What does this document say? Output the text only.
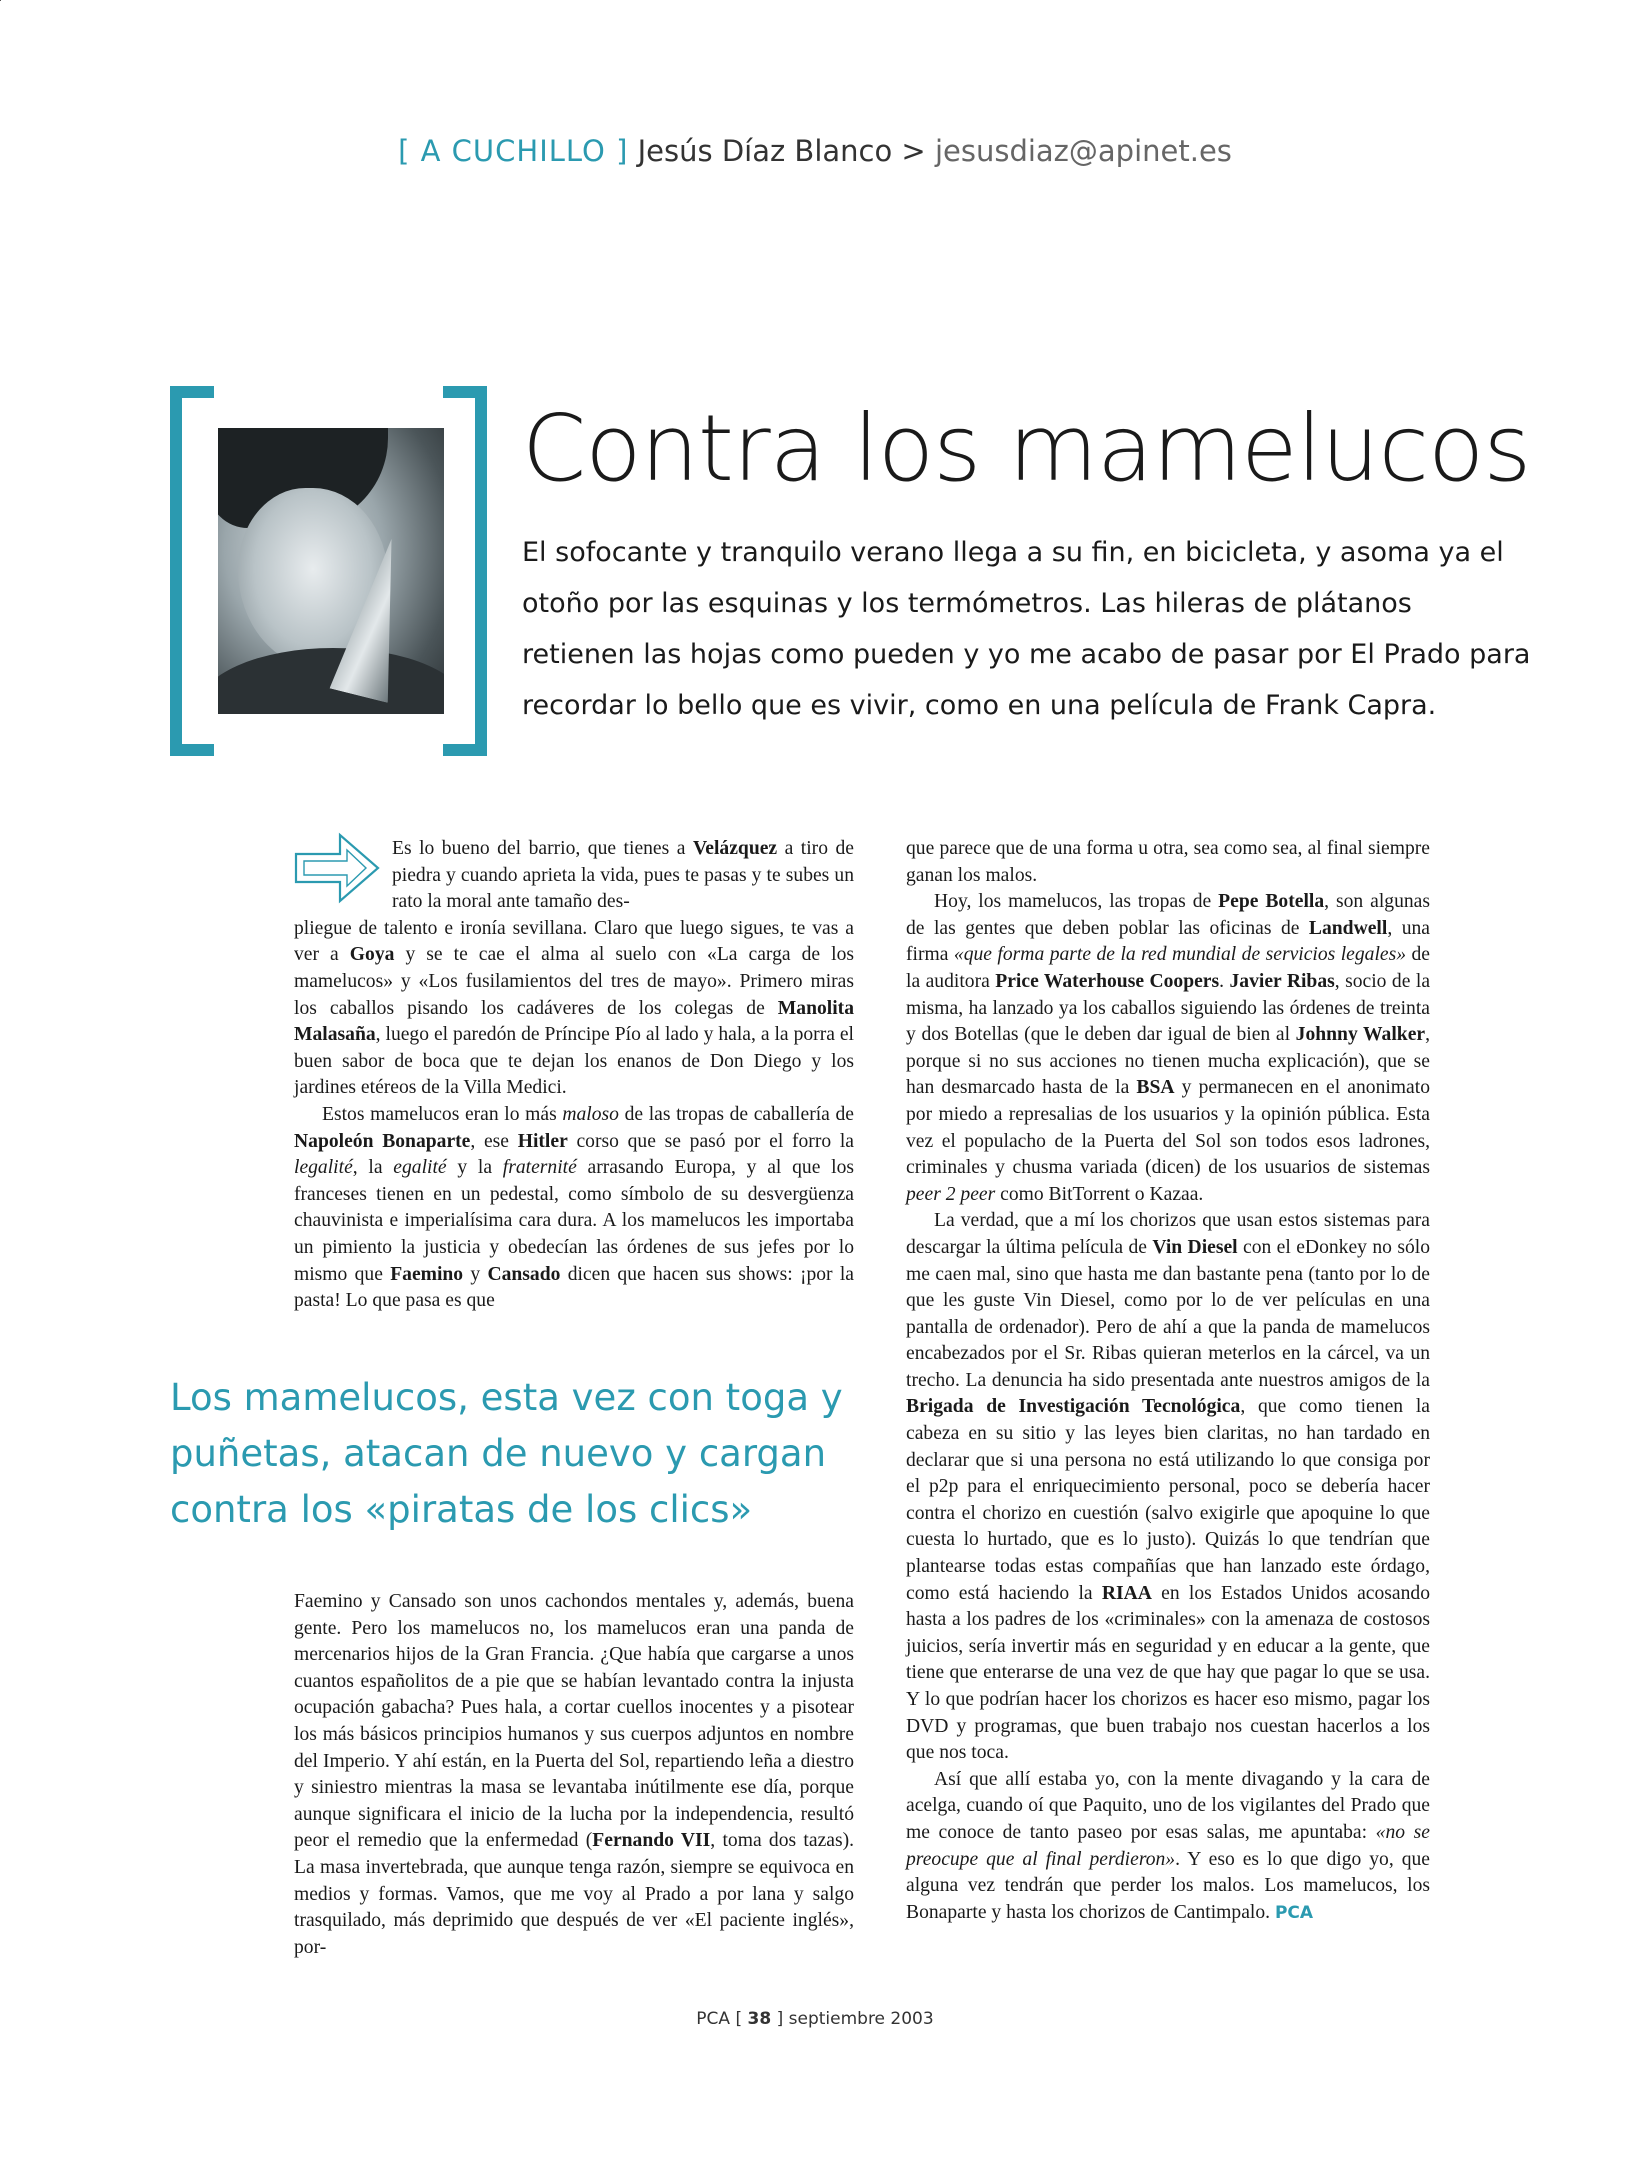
[ A CUCHILLO ] Jesús Díaz Blanco > jesusdiaz@apinet.es
Contra los mamelucos

El sofocante y tranquilo verano llega a su fin, en bicicleta, y asoma ya el otoño por las esquinas y los termómetros. Las hileras de plátanos retienen las hojas como pueden y yo me acabo de pasar por El Prado para recordar lo bello que es vivir, como en una película de Frank Capra.

Es lo bueno del barrio, que tienes a Velázquez a tiro de piedra y cuando aprieta la vida, pues te pasas y te subes un rato la moral ante tamaño des-

pliegue de talento e ironía sevillana. Claro que luego sigues, te vas a ver a Goya y se te cae el alma al suelo con «La carga de los mamelucos» y «Los fusilamientos del tres de mayo». Primero miras los caballos pisando los cadáveres de los colegas de Manolita Malasaña, luego el paredón de Príncipe Pío al lado y hala, a la porra el buen sabor de boca que te dejan los enanos de Don Diego y los jardines etéreos de la Villa Medici.

Estos mamelucos eran lo más maloso de las tropas de caballería de Napoleón Bonaparte, ese Hitler corso que se pasó por el forro la legalité, la egalité y la fraternité arrasando Europa, y al que los franceses tienen en un pedestal, como símbolo de su desvergüenza chauvinista e imperialísima cara dura. A los mamelucos les importaba un pimiento la justicia y obedecían las órdenes de sus jefes por lo mismo que Faemino y Cansado dicen que hacen sus shows: ¡por la pasta! Lo que pasa es que

Los mamelucos, esta vez con toga y puñetas, atacan de nuevo y cargan contra los «piratas de los clics»

Faemino y Cansado son unos cachondos mentales y, además, buena gente. Pero los mamelucos no, los mamelucos eran una panda de mercenarios hijos de la Gran Francia. ¿Que había que cargarse a unos cuantos españolitos de a pie que se habían levantado contra la injusta ocupación gabacha? Pues hala, a cortar cuellos inocentes y a pisotear los más básicos principios humanos y sus cuerpos adjuntos en nombre del Imperio. Y ahí están, en la Puerta del Sol, repartiendo leña a diestro y siniestro mientras la masa se levantaba inútilmente ese día, porque aunque significara el inicio de la lucha por la independencia, resultó peor el remedio que la enfermedad (Fernando VII, toma dos tazas). La masa invertebrada, que aunque tenga razón, siempre se equivoca en medios y formas. Vamos, que me voy al Prado a por lana y salgo trasquilado, más deprimido que después de ver «El paciente inglés», por-

que parece que de una forma u otra, sea como sea, al final siempre ganan los malos.

Hoy, los mamelucos, las tropas de Pepe Botella, son algunas de las gentes que deben poblar las oficinas de Landwell, una firma «que forma parte de la red mundial de servicios legales» de la auditora Price Waterhouse Coopers. Javier Ribas, socio de la misma, ha lanzado ya los caballos siguiendo las órdenes de treinta y dos Botellas (que le deben dar igual de bien al Johnny Walker, porque si no sus acciones no tienen mucha explicación), que se han desmarcado hasta de la BSA y permanecen en el anonimato por miedo a represalias de los usuarios y la opinión pública. Esta vez el populacho de la Puerta del Sol son todos esos ladrones, criminales y chusma variada (dicen) de los usuarios de sistemas peer 2 peer como BitTorrent o Kazaa.

La verdad, que a mí los chorizos que usan estos sistemas para descargar la última película de Vin Diesel con el eDonkey no sólo me caen mal, sino que hasta me dan bastante pena (tanto por lo de que les guste Vin Diesel, como por lo de ver películas en una pantalla de ordenador). Pero de ahí a que la panda de mamelucos encabezados por el Sr. Ribas quieran meterlos en la cárcel, va un trecho. La denuncia ha sido presentada ante nuestros amigos de la Brigada de Investigación Tecnológica, que como tienen la cabeza en su sitio y las leyes bien claritas, no han tardado en declarar que si una persona no está utilizando lo que consiga por el p2p para el enriquecimiento personal, poco se debería hacer contra el chorizo en cuestión (salvo exigirle que apoquine lo que cuesta lo hurtado, que es lo justo). Quizás lo que tendrían que plantearse todas estas compañías que han lanzado este órdago, como está haciendo la RIAA en los Estados Unidos acosando hasta a los padres de los «criminales» con la amenaza de costosos juicios, sería invertir más en seguridad y en educar a la gente, que tiene que enterarse de una vez de que hay que pagar lo que se usa. Y lo que podrían hacer los chorizos es hacer eso mismo, pagar los DVD y programas, que buen trabajo nos cuestan hacerlos a los que nos toca.

Así que allí estaba yo, con la mente divagando y la cara de acelga, cuando oí que Paquito, uno de los vigilantes del Prado que me conoce de tanto paseo por esas salas, me apuntaba: «no se preocupe que al final perdieron». Y eso es lo que digo yo, que alguna vez tendrán que perder los malos. Los mamelucos, los Bonaparte y hasta los chorizos de Cantimpalo. PCA

PCA [ 38 ] septiembre 2003
